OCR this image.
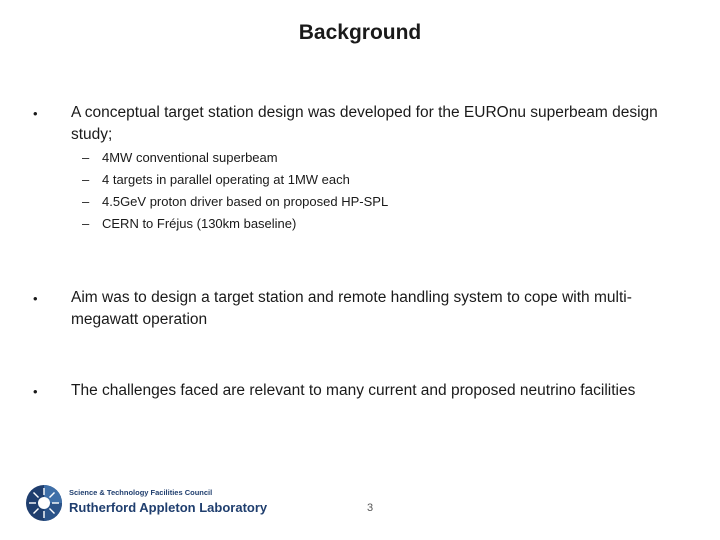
Background
• A conceptual target station design was developed for the EUROnu superbeam design study;
– 4MW conventional superbeam
– 4 targets in parallel operating at 1MW each
– 4.5GeV proton driver based on proposed HP-SPL
– CERN to Fréjus (130km baseline)
• Aim was to design a target station and remote handling system to cope with multi-megawatt operation
• The challenges faced are relevant to many current and proposed neutrino facilities
Science & Technology Facilities Council
Rutherford Appleton Laboratory	3
